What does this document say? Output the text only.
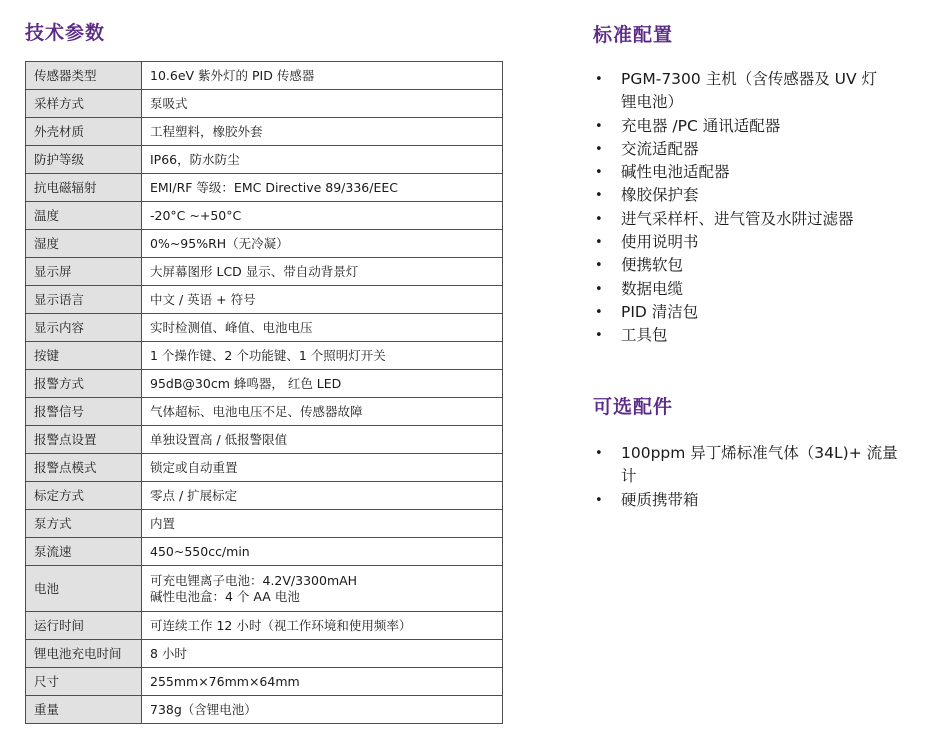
技术参数
传感器类型	10.6eV 紫外灯的 PID 传感器
采样方式	泵吸式
外壳材质	工程塑料，橡胶外套
防护等级	IP66，防水防尘
抗电磁辐射	EMI/RF 等级：EMC Directive 89/336/EEC
温度	-20°C ~+50°C
湿度	0%~95%RH（无冷凝）
显示屏	大屏幕图形 LCD 显示、带自动背景灯
显示语言	中文 / 英语 + 符号
显示内容	实时检测值、峰值、电池电压
按键	1 个操作键、2 个功能键、1 个照明灯开关
报警方式	95dB@30cm 蜂鸣器， 红色 LED
报警信号	气体超标、电池电压不足、传感器故障
报警点设置	单独设置高 / 低报警限值
报警点模式	锁定或自动重置
标定方式	零点 / 扩展标定
泵方式	内置
泵流速	450~550cc/min
电池	可充电锂离子电池：4.2V/3300mAH
碱性电池盒：4 个 AA 电池

运行时间	可连续工作 12 小时（视工作环境和使用频率）
锂电池充电时间	8 小时
尺寸	255mm×76mm×64mm
重量	738g（含锂电池）
标准配置
• PGM-7300 主机（含传感器及 UV 灯
锂电池）
• 充电器 /PC 通讯适配器
• 交流适配器
• 碱性电池适配器
• 橡胶保护套
• 进气采样杆、进气管及水阱过滤器
• 使用说明书
• 便携软包
• 数据电缆
• PID 清洁包
• 工具包
可选配件
• 100ppm 异丁烯标准气体（34L)+ 流量
计
• 硬质携带箱
